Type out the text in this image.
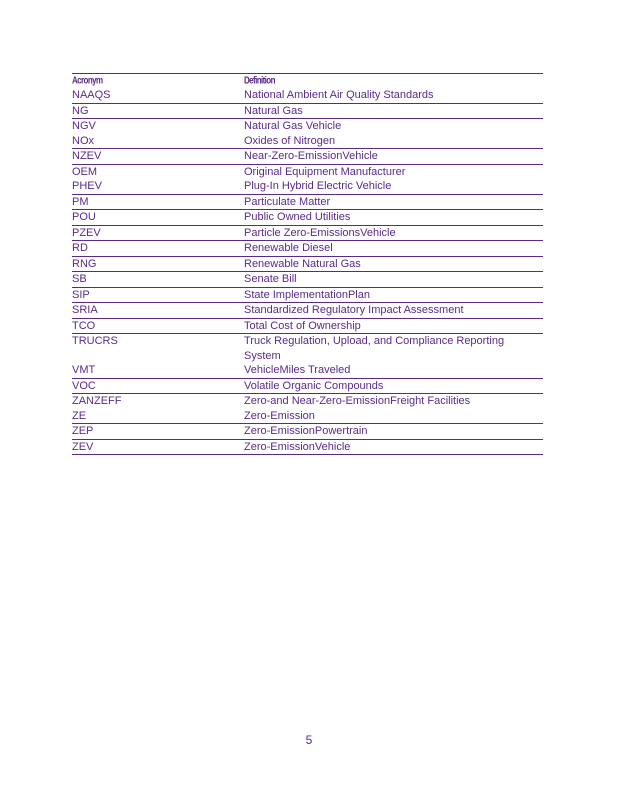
Acronym	Definition
NAAQS	National Ambient Air Quality Standards
NG	Natural Gas
NGV	Natural Gas Vehicle
NOx	Oxides of Nitrogen
NZEV	Near-Zero-EmissionVehicle
OEM	Original Equipment Manufacturer
PHEV	Plug-In Hybrid Electric Vehicle
PM	Particulate Matter
POU	Public Owned Utilities
PZEV	Particle Zero-EmissionsVehicle
RD	Renewable Diesel
RNG	Renewable Natural Gas
SB	Senate Bill
SIP	State ImplementationPlan
SRIA	Standardized Regulatory Impact Assessment
TCO	Total Cost of Ownership
TRUCRS	Truck Regulation, Upload, and Compliance Reporting System
VMT	VehicleMiles Traveled
VOC	Volatile Organic Compounds
ZANZEFF	Zero-and Near-Zero-EmissionFreight Facilities
ZE	Zero-Emission
ZEP	Zero-EmissionPowertrain
ZEV	Zero-EmissionVehicle
5
